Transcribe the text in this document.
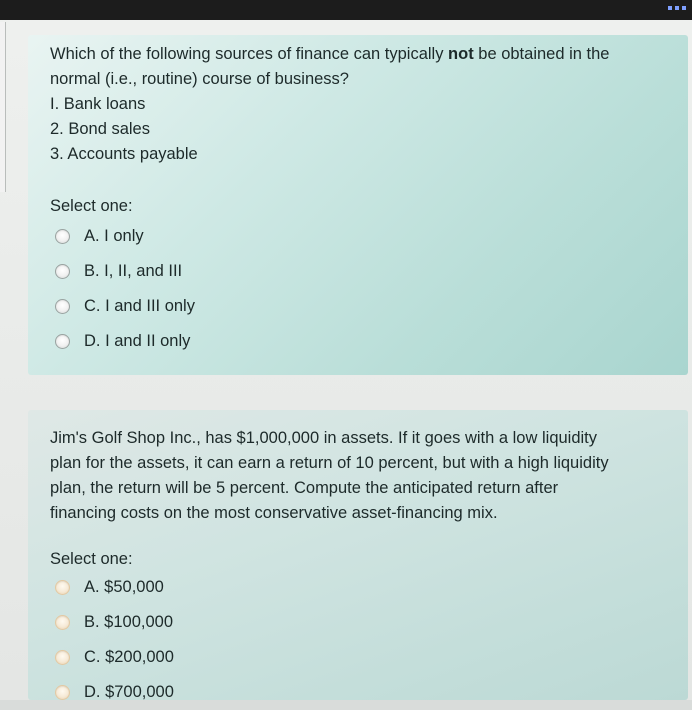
Which of the following sources of finance can typically not be obtained in the

normal (i.e., routine) course of business?

I. Bank loans

2. Bond sales

3. Accounts payable

Select one:
A. I only
B. I, II, and III
C. I and III only
D. I and II only

Jim's Golf Shop Inc., has $1,000,000 in assets. If it goes with a low liquidity

plan for the assets, it can earn a return of 10 percent, but with a high liquidity

plan, the return will be 5 percent. Compute the anticipated return after

financing costs on the most conservative asset-financing mix.

Select one:
A. $50,000
B. $100,000
C. $200,000
D. $700,000
